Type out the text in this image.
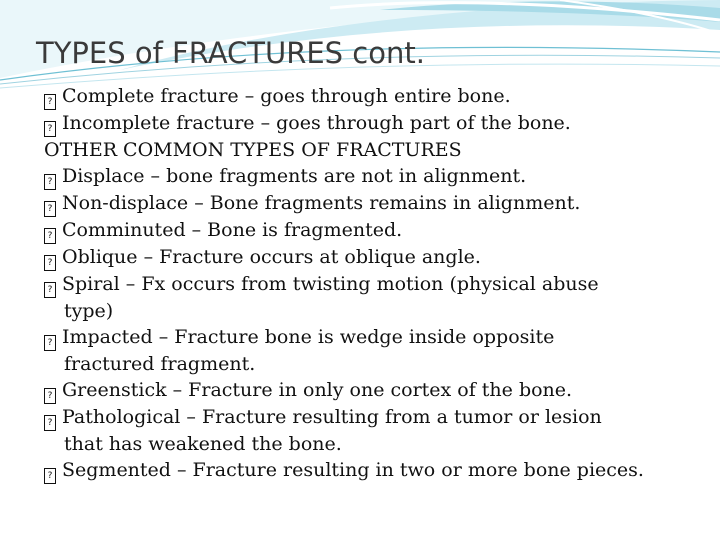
TYPES of FRACTURES cont.
? Complete fracture – goes through entire bone.
? Incomplete fracture – goes through part of the bone.
OTHER COMMON TYPES OF FRACTURES
? Displace – bone fragments are not in alignment.
? Non-displace – Bone fragments remains in alignment.
? Comminuted – Bone is fragmented.
? Oblique – Fracture occurs at oblique angle.
? Spiral – Fx occurs from twisting motion (physical abuse
type)
? Impacted – Fracture bone is wedge inside opposite
fractured fragment.
? Greenstick – Fracture in only one cortex of the bone.
? Pathological – Fracture resulting from a tumor or lesion
that has weakened the bone.
? Segmented – Fracture resulting in two or more bone pieces.
